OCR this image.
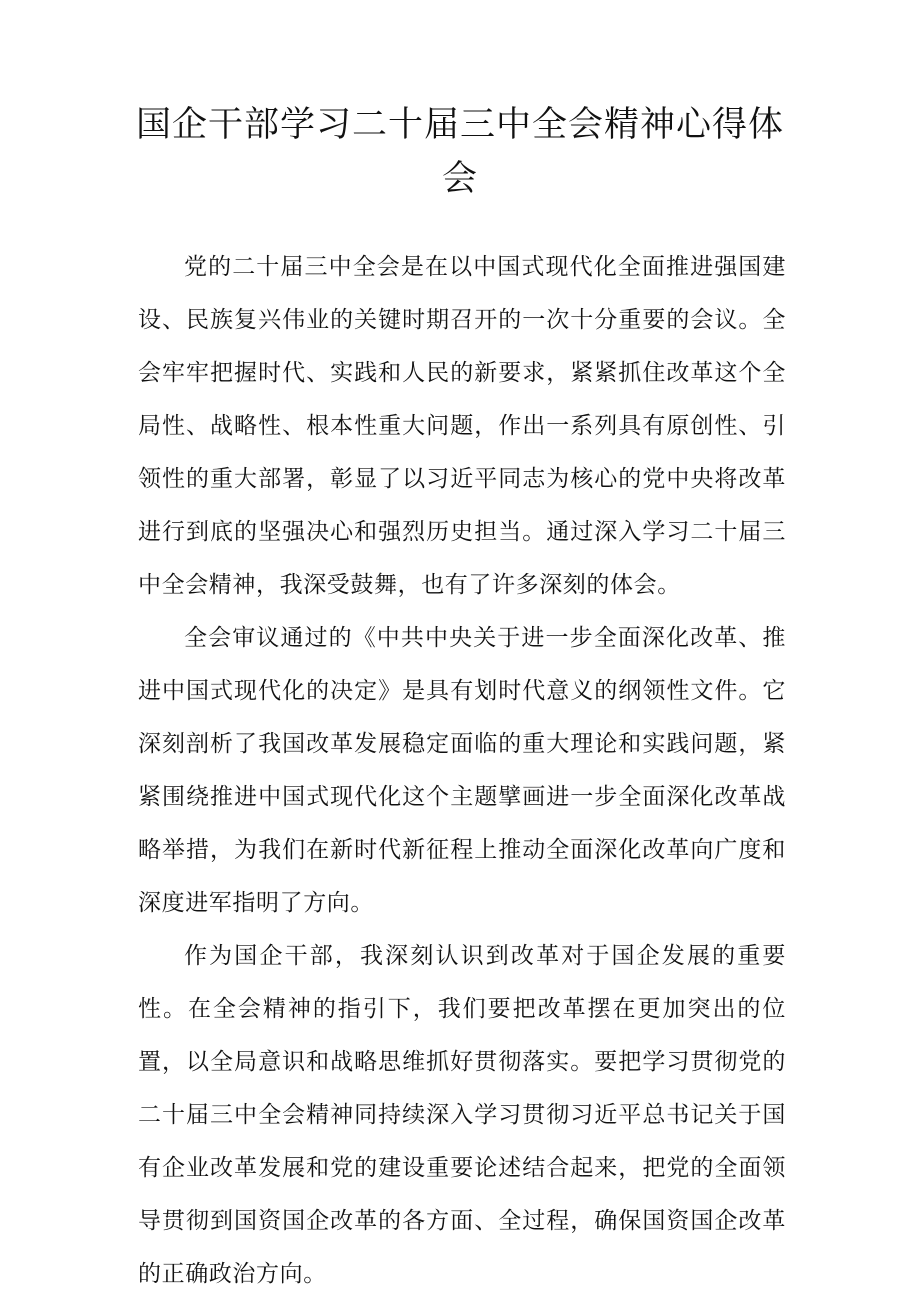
国企干部学习二十届三中全会精神心得体会

党的二十届三中全会是在以中国式现代化全面推进强国建设、民族复兴伟业的关键时期召开的一次十分重要的会议。全会牢牢把握时代、实践和人民的新要求，紧紧抓住改革这个全局性、战略性、根本性重大问题，作出一系列具有原创性、引领性的重大部署，彰显了以习近平同志为核心的党中央将改革进行到底的坚强决心和强烈历史担当。通过深入学习二十届三中全会精神，我深受鼓舞，也有了许多深刻的体会。

全会审议通过的《中共中央关于进一步全面深化改革、推进中国式现代化的决定》是具有划时代意义的纲领性文件。它深刻剖析了我国改革发展稳定面临的重大理论和实践问题，紧紧围绕推进中国式现代化这个主题擘画进一步全面深化改革战略举措，为我们在新时代新征程上推动全面深化改革向广度和深度进军指明了方向。

作为国企干部，我深刻认识到改革对于国企发展的重要性。在全会精神的指引下，我们要把改革摆在更加突出的位置，以全局意识和战略思维抓好贯彻落实。要把学习贯彻党的二十届三中全会精神同持续深入学习贯彻习近平总书记关于国有企业改革发展和党的建设重要论述结合起来，把党的全面领导贯彻到国资国企改革的各方面、全过程，确保国资国企改革的正确政治方向。
